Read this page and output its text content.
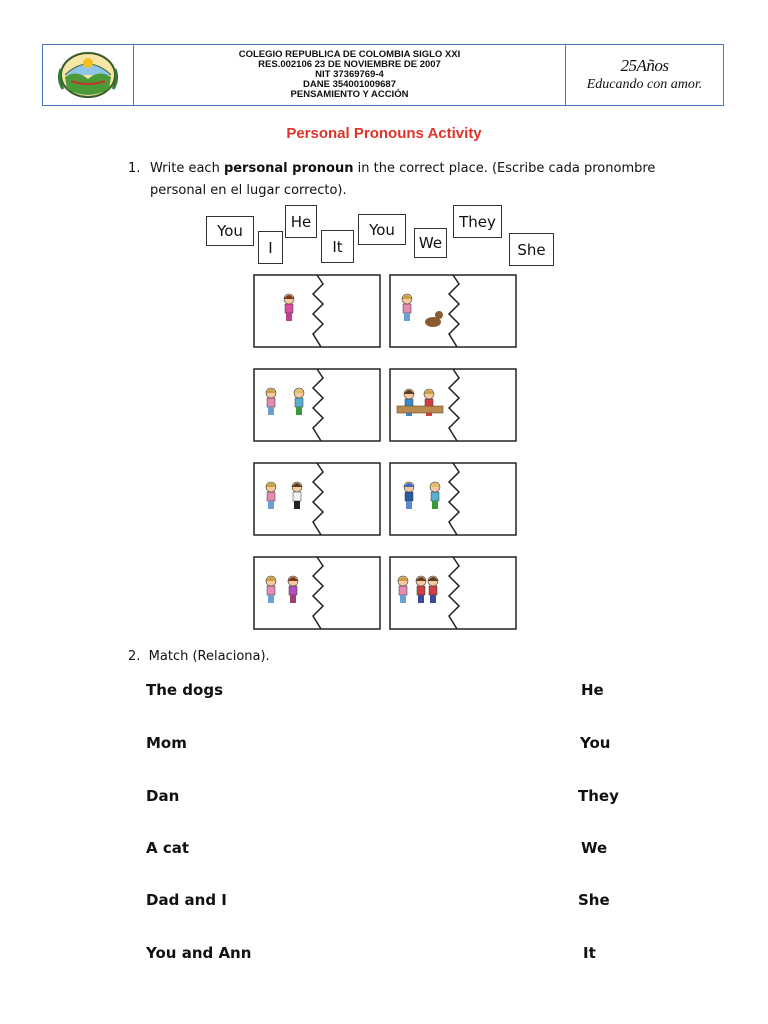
COLEGIO REPUBLICA DE COLOMBIA SIGLO XXI
RES.002106 23 DE NOVIEMBRE DE 2007
NIT 37369769-4
DANE 354001009687
PENSAMIENTO Y ACCIÓN
25Años
Educando con amor.
Personal Pronouns Activity
1. Write each personal pronoun in the correct place. (Escribe cada pronombre personal en el lugar correcto).
You
I
He
It
You
We
They
She
2. Match (Relaciona).
The dogs
Mom
Dan
A cat
Dad and I
You and Ann
He
You
They
We
She
It
